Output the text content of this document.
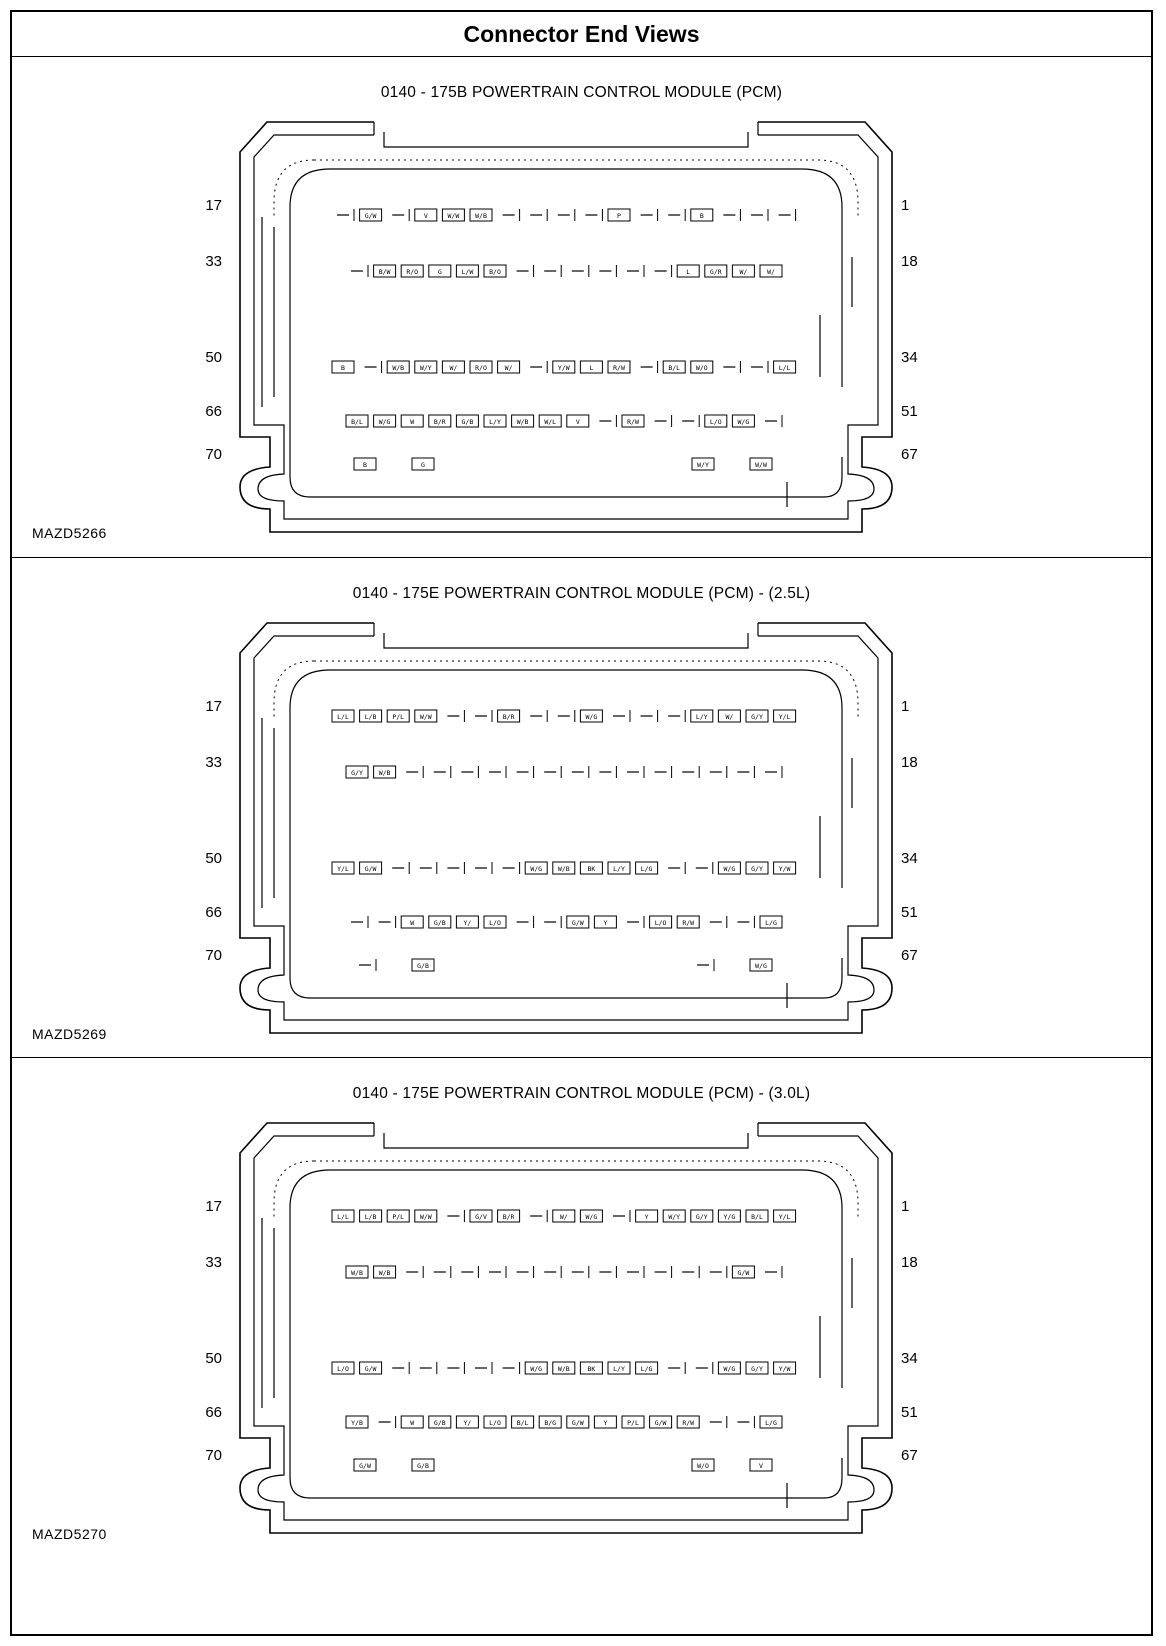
Connector End Views
0140 - 175B POWERTRAIN CONTROL MODULE (PCM)
G/W	V	W/W W/B	P	B
B/W R/O	G	L/W B/O	L	G/R	W/	W/
B	W/B W/Y	W/	R/O	W/	Y/W	L	R/W	B/L W/O	L/L
B/L W/G	W	B/R G/B L/Y W/B W/L	V	R/W	L/O W/G
B	G	W/Y	W/W
17
33
50
66
70
1
18
34
51
67
MAZD5266
0140 - 175E POWERTRAIN CONTROL MODULE (PCM) - (2.5L)
L/L L/B P/L W/W	B/R	W/G	L/Y	W/	G/Y Y/L
G/Y W/B
Y/L G/W	W/G W/B	BK	L/Y L/G	W/G G/Y Y/W
W	G/B	Y/	L/O	G/W	Y	L/O R/W	L/G
G/B	W/G
17
33
50
66
70
1
18
34
51
67
MAZD5269
0140 - 175E POWERTRAIN CONTROL MODULE (PCM) - (3.0L)
L/L L/B P/L W/W	G/V B/R	W/	W/G	Y	W/Y G/Y Y/G B/L Y/L
W/B W/B	G/W
L/O G/W	W/G W/B	BK	L/Y L/G	W/G G/Y Y/W
Y/B	W	G/B	Y/	L/O B/L B/G G/W	Y	P/L G/W R/W	L/G
G/W	G/B	W/O	V
17
33
50
66
70
1
18
34
51
67
MAZD5270
